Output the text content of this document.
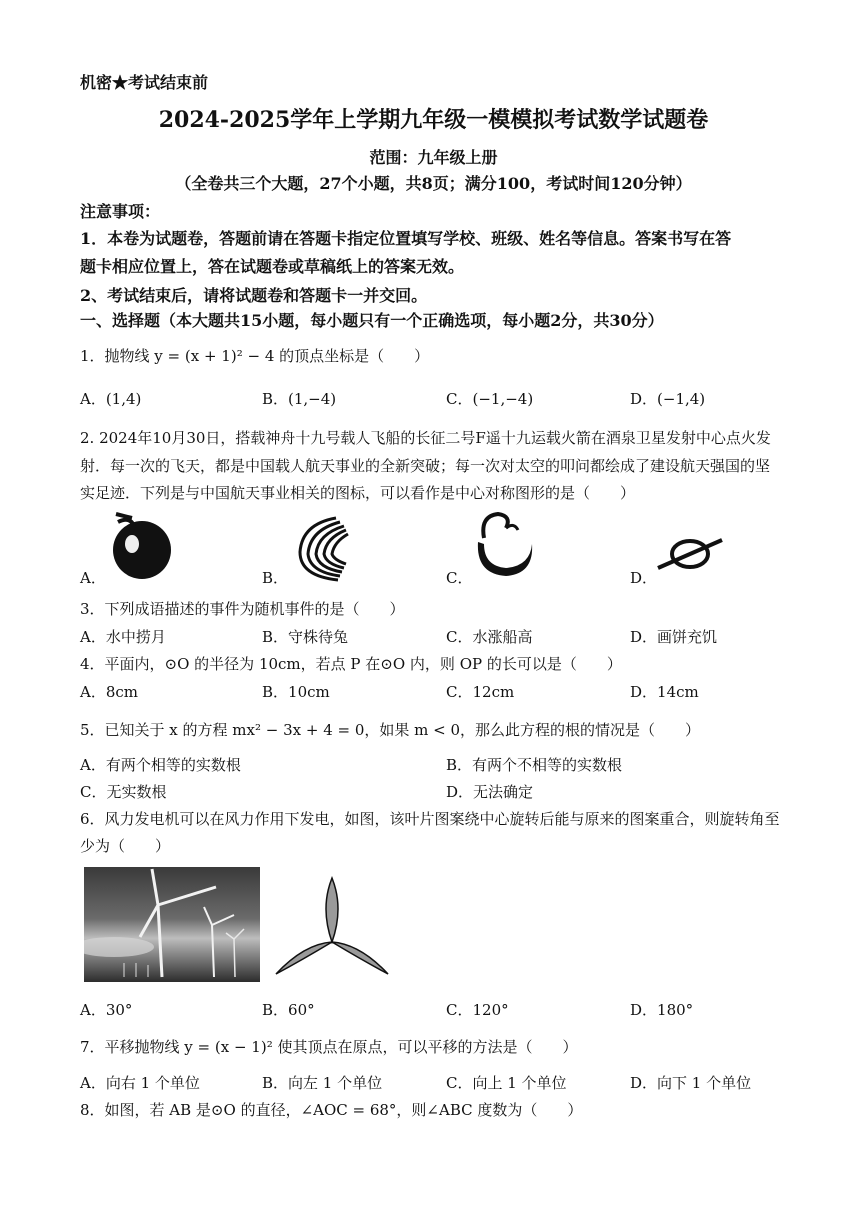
机密★考试结束前
2024-2025学年上学期九年级一模模拟考试数学试题卷
范围：九年级上册
（全卷共三个大题，27个小题，共8页；满分100，考试时间120分钟）
注意事项：
1．本卷为试题卷，答题前请在答题卡指定位置填写学校、班级、姓名等信息。答案书写在答
题卡相应位置上，答在试题卷或草稿纸上的答案无效。
2、考试结束后，请将试题卷和答题卡一并交回。
一、选择题（本大题共15小题，每小题只有一个正确选项，每小题2分，共30分）
1．抛物线 y = (x + 1)² − 4 的顶点坐标是（　　）
A．(1,4)	B．(1,−4)	C．(−1,−4)	D．(−1,4)
2. 2024年10月30日，搭载神舟十九号载人飞船的长征二号F遥十九运载火箭在酒泉卫星发射中心点火发
射．每一次的飞天，都是中国载人航天事业的全新突破；每一次对太空的叩问都绘成了建设航天强国的坚
实足迹．下列是与中国航天事业相关的图标，可以看作是中心对称图形的是（　　）
A．	B．	C．	D．
3．下列成语描述的事件为随机事件的是（　　）
A．水中捞月	B．守株待兔	C．水涨船高	D．画饼充饥
4．平面内，⊙O 的半径为 10cm，若点 P 在⊙O 内，则 OP 的长可以是（　　）
A．8cm	B．10cm	C．12cm	D．14cm
5．已知关于 x 的方程 mx² − 3x + 4 = 0，如果 m < 0，那么此方程的根的情况是（　　）
A．有两个相等的实数根	B．有两个不相等的实数根
C．无实数根	D．无法确定
6．风力发电机可以在风力作用下发电，如图，该叶片图案绕中心旋转后能与原来的图案重合，则旋转角至
少为（　　）
A．30°	B．60°	C．120°	D．180°
7．平移抛物线 y = (x − 1)² 使其顶点在原点，可以平移的方法是（　　）
A．向右 1 个单位	B．向左 1 个单位	C．向上 1 个单位	D．向下 1 个单位
8．如图，若 AB 是⊙O 的直径，∠AOC = 68°，则∠ABC 度数为（　　）
